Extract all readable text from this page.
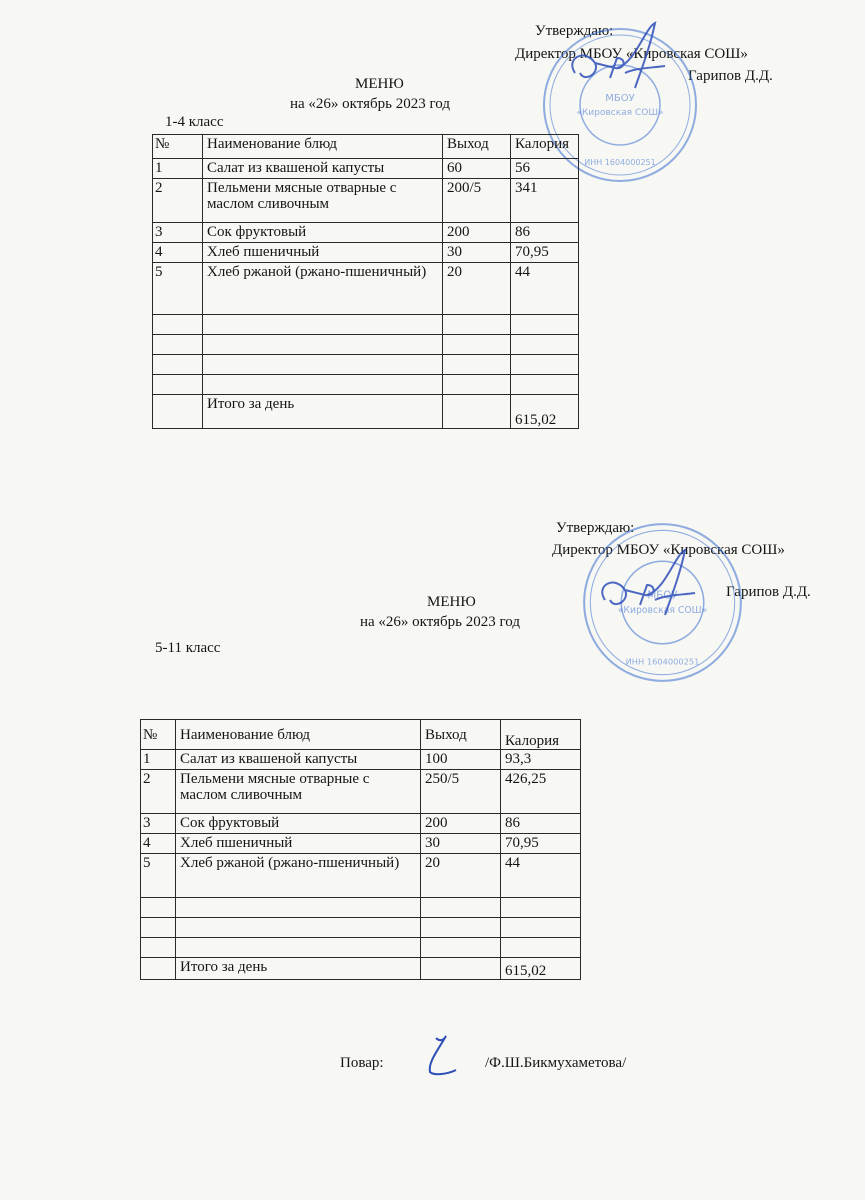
Утверждаю:
Директор МБОУ «Кировская СОШ»
Гарипов Д.Д.
МБОУ
«Кировская СОШ»
ИНН 1604000251
МЕНЮ
на «26» октябрь 2023 год
1-4 класс
№	Наименование блюд	Выход	Калория
1	Салат из квашеной капусты	60	56
2	Пельмени мясные отварные с маслом сливочным	200/5	341
3	Сок фруктовый	200	86
4	Хлеб пшеничный	30	70,95
5	Хлеб ржаной (ржано-пшеничный)	20	44

	Итого за день		615,02
Утверждаю:
Директор МБОУ «Кировская СОШ»
Гарипов Д.Д.
МБОУ
«Кировская СОШ»
ИНН 1604000251
МЕНЮ
на «26» октябрь 2023 год
5-11 класс
№	Наименование блюд	Выход	Калория
1	Салат из квашеной капусты	100	93,3
2	Пельмени мясные отварные с маслом сливочным	250/5	426,25
3	Сок фруктовый	200	86
4	Хлеб пшеничный	30	70,95
5	Хлеб ржаной (ржано-пшеничный)	20	44

	Итого за день		615,02
Повар:	/Ф.Ш.Бикмухаметова/
